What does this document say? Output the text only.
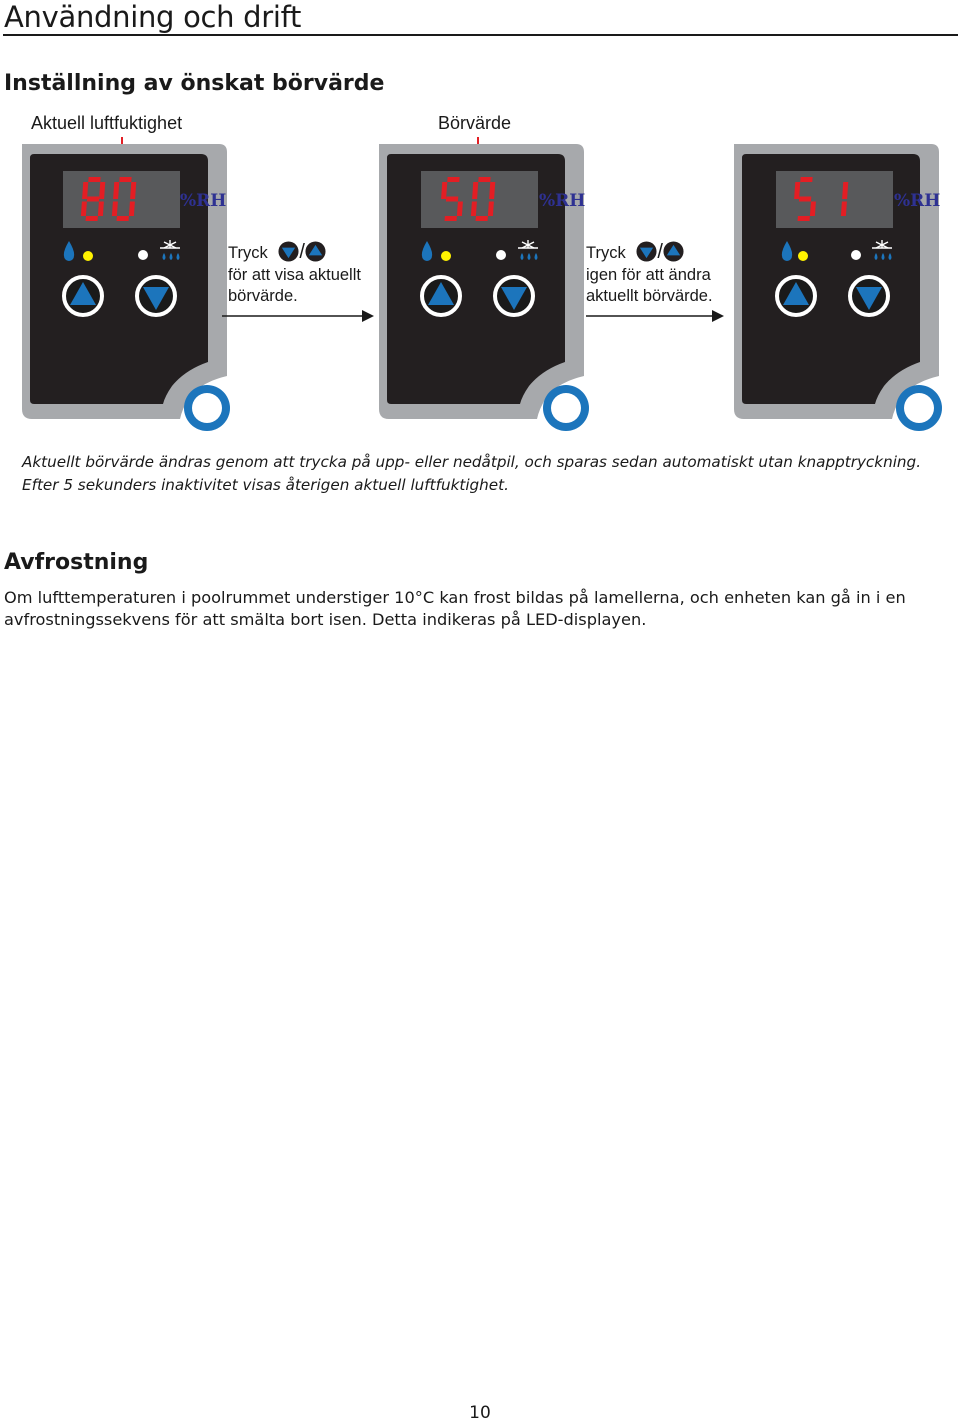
Användning och drift
Inställning av önskat börvärde
Aktuell luftfuktighet	Börvärde
%RH	%RH	%RH
Tryck /
för att visa aktuellt
börvärde.
Tryck /
igen för att ändra
aktuellt börvärde.
Aktuellt börvärde ändras genom att trycka på upp- eller nedåtpil, och sparas sedan automatiskt utan knapptryckning.
Efter 5 sekunders inaktivitet visas återigen aktuell luftfuktighet.
Avfrostning
Om lufttemperaturen i poolrummet understiger 10°C kan frost bildas på lamellerna, och enheten kan gå in i en
avfrostningssekvens för att smälta bort isen. Detta indikeras på LED-displayen.
10
